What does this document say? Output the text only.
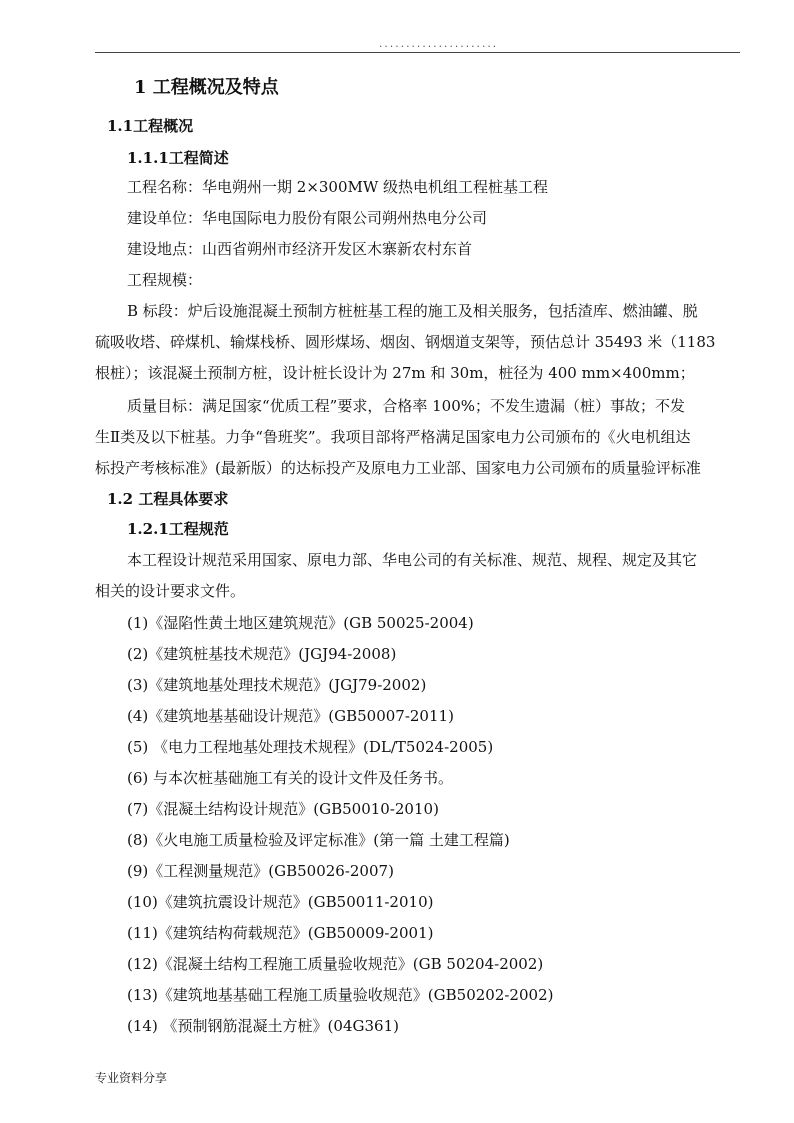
......................
1 工程概况及特点
1.1工程概况
1.1.1工程简述
工程名称：华电朔州一期 2×300MW 级热电机组工程桩基工程
建设单位：华电国际电力股份有限公司朔州热电分公司
建设地点：山西省朔州市经济开发区木寨新农村东首
工程规模：
B 标段：炉后设施混凝土预制方桩桩基工程的施工及相关服务，包括渣库、燃油罐、脱
硫吸收塔、碎煤机、输煤栈桥、圆形煤场、烟囱、钢烟道支架等，预估总计 35493 米（1183
根桩）；该混凝土预制方桩，设计桩长设计为 27m 和 30m，桩径为 400 mm×400mm；
质量目标：满足国家“优质工程”要求，合格率 100%；不发生遗漏（桩）事故；不发
生Ⅱ类及以下桩基。力争“鲁班奖”。我项目部将严格满足国家电力公司颁布的《火电机组达
标投产考核标准》(最新版）的达标投产及原电力工业部、国家电力公司颁布的质量验评标准
1.2 工程具体要求
1.2.1工程规范
本工程设计规范采用国家、原电力部、华电公司的有关标准、规范、规程、规定及其它
相关的设计要求文件。
(1)《湿陷性黄土地区建筑规范》(GB 50025-2004)
(2)《建筑桩基技术规范》(JGJ94-2008)
(3)《建筑地基处理技术规范》(JGJ79-2002)
(4)《建筑地基基础设计规范》(GB50007-2011)
(5) 《电力工程地基处理技术规程》(DL/T5024-2005)
(6) 与本次桩基础施工有关的设计文件及任务书。
(7)《混凝土结构设计规范》(GB50010-2010)
(8)《火电施工质量检验及评定标准》(第一篇 土建工程篇)
(9)《工程测量规范》(GB50026-2007)
(10)《建筑抗震设计规范》(GB50011-2010)
(11)《建筑结构荷载规范》(GB50009-2001)
(12)《混凝土结构工程施工质量验收规范》(GB 50204-2002)
(13)《建筑地基基础工程施工质量验收规范》(GB50202-2002)
(14) 《预制钢筋混凝土方桩》(04G361)
专业资料分享
